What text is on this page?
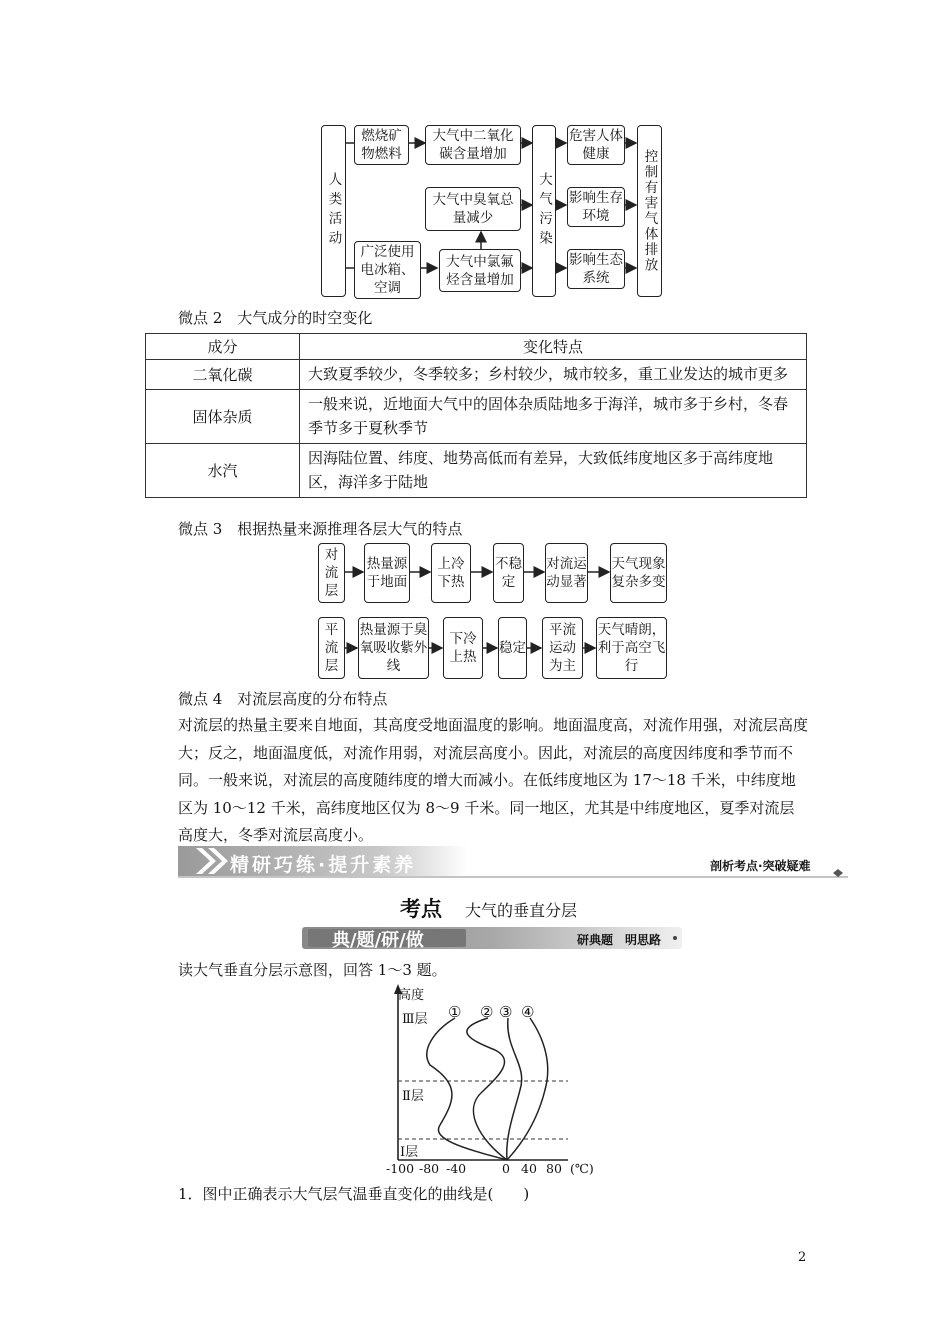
人类活动
燃烧矿物燃料
广泛使用电冰箱、空调
大气中二氧化碳含量增加
大气中臭氧总量减少
大气中氯氟烃含量增加
大气污染
危害人体健康
影响生存环境
影响生态系统
控制有害气体排放
微点 2　大气成分的时空变化
成分	变化特点
二氧化碳	大致夏季较少，冬季较多；乡村较少，城市较多，重工业发达的城市更多
固体杂质	一般来说，近地面大气中的固体杂质陆地多于海洋，城市多于乡村，冬春季节多于夏秋季节
水汽	因海陆位置、纬度、地势高低而有差异，大致低纬度地区多于高纬度地区，海洋多于陆地
微点 3　根据热量来源推理各层大气的特点
对流层
热量源于地面
上冷下热
不稳定
对流运动显著
天气现象复杂多变
平流层
热量源于臭氧吸收紫外线
下冷上热
稳定
平流运动为主
天气晴朗，利于高空飞行
微点 4　对流层高度的分布特点
对流层的热量主要来自地面，其高度受地面温度的影响。地面温度高，对流作用强，对流层高度大；反之，地面温度低，对流作用弱，对流层高度小。因此，对流层的高度因纬度和季节而不同。一般来说，对流层的高度随纬度的增大而减小。在低纬度地区为 17～18 千米，中纬度地区为 10～12 千米，高纬度地区仅为 8～9 千米。同一地区，尤其是中纬度地区，夏季对流层高度大，冬季对流层高度小。
精研巧练·提升素养	剖析考点·突破疑难
考点 大气的垂直分层
典/题/研/做	研典题　明思路
读大气垂直分层示意图，回答 1～3 题。
高度
Ⅲ层
Ⅱ层
Ⅰ层
① ② ③ ④
-100 -80 -40	0 40 80 (℃)
1．图中正确表示大气层气温垂直变化的曲线是(　　)
2
